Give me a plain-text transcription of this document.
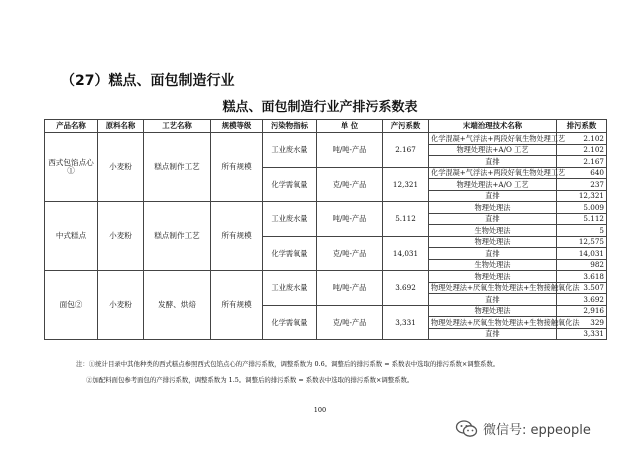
（27）糕点、面包制造行业
糕点、面包制造行业产排污系数表
产品名称	原料名称	工艺名称	规模等级	污染物指标	单 位	产污系数	末端治理技术名称	排污系数
西式包馅点心①	小麦粉	糕点制作工艺	所有规模	工业废水量	吨/吨-产品	2.167	化学混凝+气浮法+两段好氧生物处理工艺	2.102
							物理处理法+A/O 工艺	2.102
							直排	2.167
				化学需氧量	克/吨-产品	12,321	化学混凝+气浮法+两段好氧生物处理工艺	640
							物理处理法+A/O 工艺	237
							直排	12,321
中式糕点	小麦粉	糕点制作工艺	所有规模	工业废水量	吨/吨-产品	5.112	物理处理法	5.009
							直排	5.112
							生物处理法	5
				化学需氧量	克/吨-产品	14,031	物理处理法	12,575
							直排	14,031
							生物处理法	982
面包②	小麦粉	发酵、烘焙	所有规模	工业废水量	吨/吨-产品	3.692	物理处理法	3.618
							物理处理法+厌氧生物处理法+生物接触氧化法	3.507
							直排	3.692
				化学需氧量	克/吨-产品	3,331	物理处理法	2,916
							物理处理法+厌氧生物处理法+生物接触氧化法	329
							直排	3,331
注：①统计目录中其他种类的西式糕点参照西式包馅点心的产排污系数，调整系数为 0.6。调整后的排污系数 = 系数表中选取的排污系数×调整系数。
②加配料面包参考面包的产排污系数，调整系数为 1.5。调整后的排污系数 = 系数表中选取的排污系数×调整系数。
100
微信号: eppeople
